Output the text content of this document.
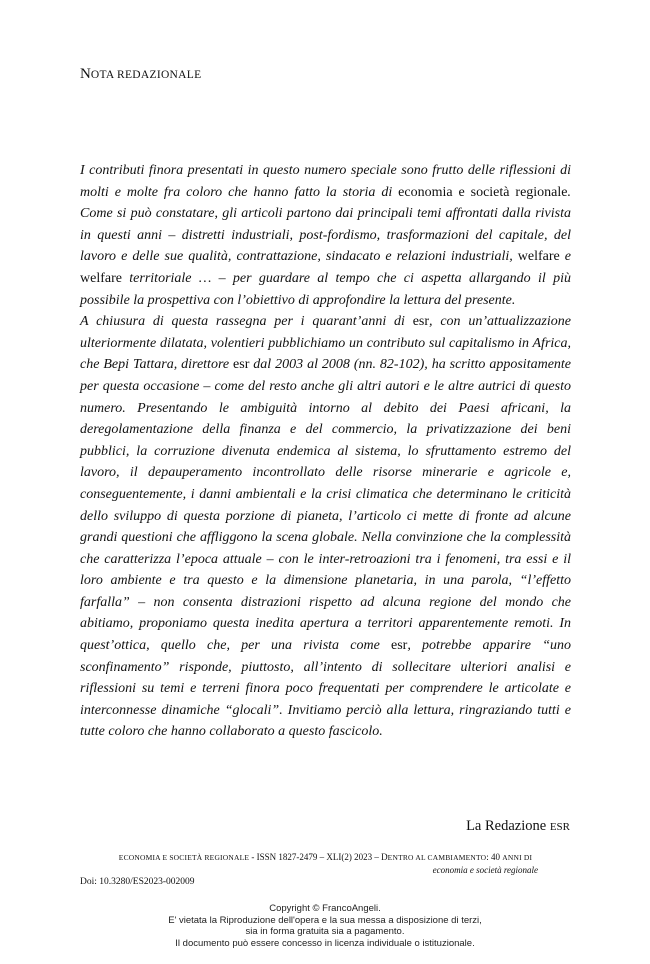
NOTA REDAZIONALE

I contributi finora presentati in questo numero speciale sono frutto delle riflessioni di molti e molte fra coloro che hanno fatto la storia di economia e società regionale. Come si può constatare, gli articoli partono dai principali temi affrontati dalla rivista in questi anni – distretti industriali, post-fordismo, trasformazioni del capitale, del lavoro e delle sue qualità, contrattazione, sindacato e relazioni industriali, welfare e welfare territoriale … – per guardare al tempo che ci aspetta allargando il più possibile la prospettiva con l’obiettivo di approfondire la lettura del presente.

A chiusura di questa rassegna per i quarant’anni di esr, con un’attualizzazione ulteriormente dilatata, volentieri pubblichiamo un contributo sul capitalismo in Africa, che Bepi Tattara, direttore esr dal 2003 al 2008 (nn. 82-102), ha scritto appositamente per questa occasione – come del resto anche gli altri autori e le altre autrici di questo numero. Presentando le ambiguità intorno al debito dei Paesi africani, la deregolamentazione della finanza e del commercio, la privatizzazione dei beni pubblici, la corruzione divenuta endemica al sistema, lo sfruttamento estremo del lavoro, il depauperamento incontrollato delle risorse minerarie e agricole e, conseguentemente, i danni ambientali e la crisi climatica che determinano le criticità dello sviluppo di questa porzione di pianeta, l’articolo ci mette di fronte ad alcune grandi questioni che affliggono la scena globale. Nella convinzione che la complessità che caratterizza l’epoca attuale – con le inter-retroazioni tra i fenomeni, tra essi e il loro ambiente e tra questo e la dimensione planetaria, in una parola, “l’effetto farfalla” – non consenta distrazioni rispetto ad alcuna regione del mondo che abitiamo, proponiamo questa inedita apertura a territori apparentemente remoti. In quest’ottica, quello che, per una rivista come esr, potrebbe apparire “uno sconfinamento” risponde, piuttosto, all’intento di sollecitare ulteriori analisi e riflessioni su temi e terreni finora poco frequentati per comprendere le articolate e interconnesse dinamiche “glocali”. Invitiamo perciò alla lettura, ringraziando tutti e tutte coloro che hanno collaborato a questo fascicolo.

La Redazione ESR
ECONOMIA E SOCIETÀ REGIONALE - ISSN 1827-2479 – XLI(2) 2023 – DENTRO AL CAMBIAMENTO: 40 ANNI DI
economia e società regionale
Doi: 10.3280/ES2023-002009
Copyright © FrancoAngeli.
E' vietata la Riproduzione dell'opera e la sua messa a disposizione di terzi,
sia in forma gratuita sia a pagamento.
Il documento può essere concesso in licenza individuale o istituzionale.
